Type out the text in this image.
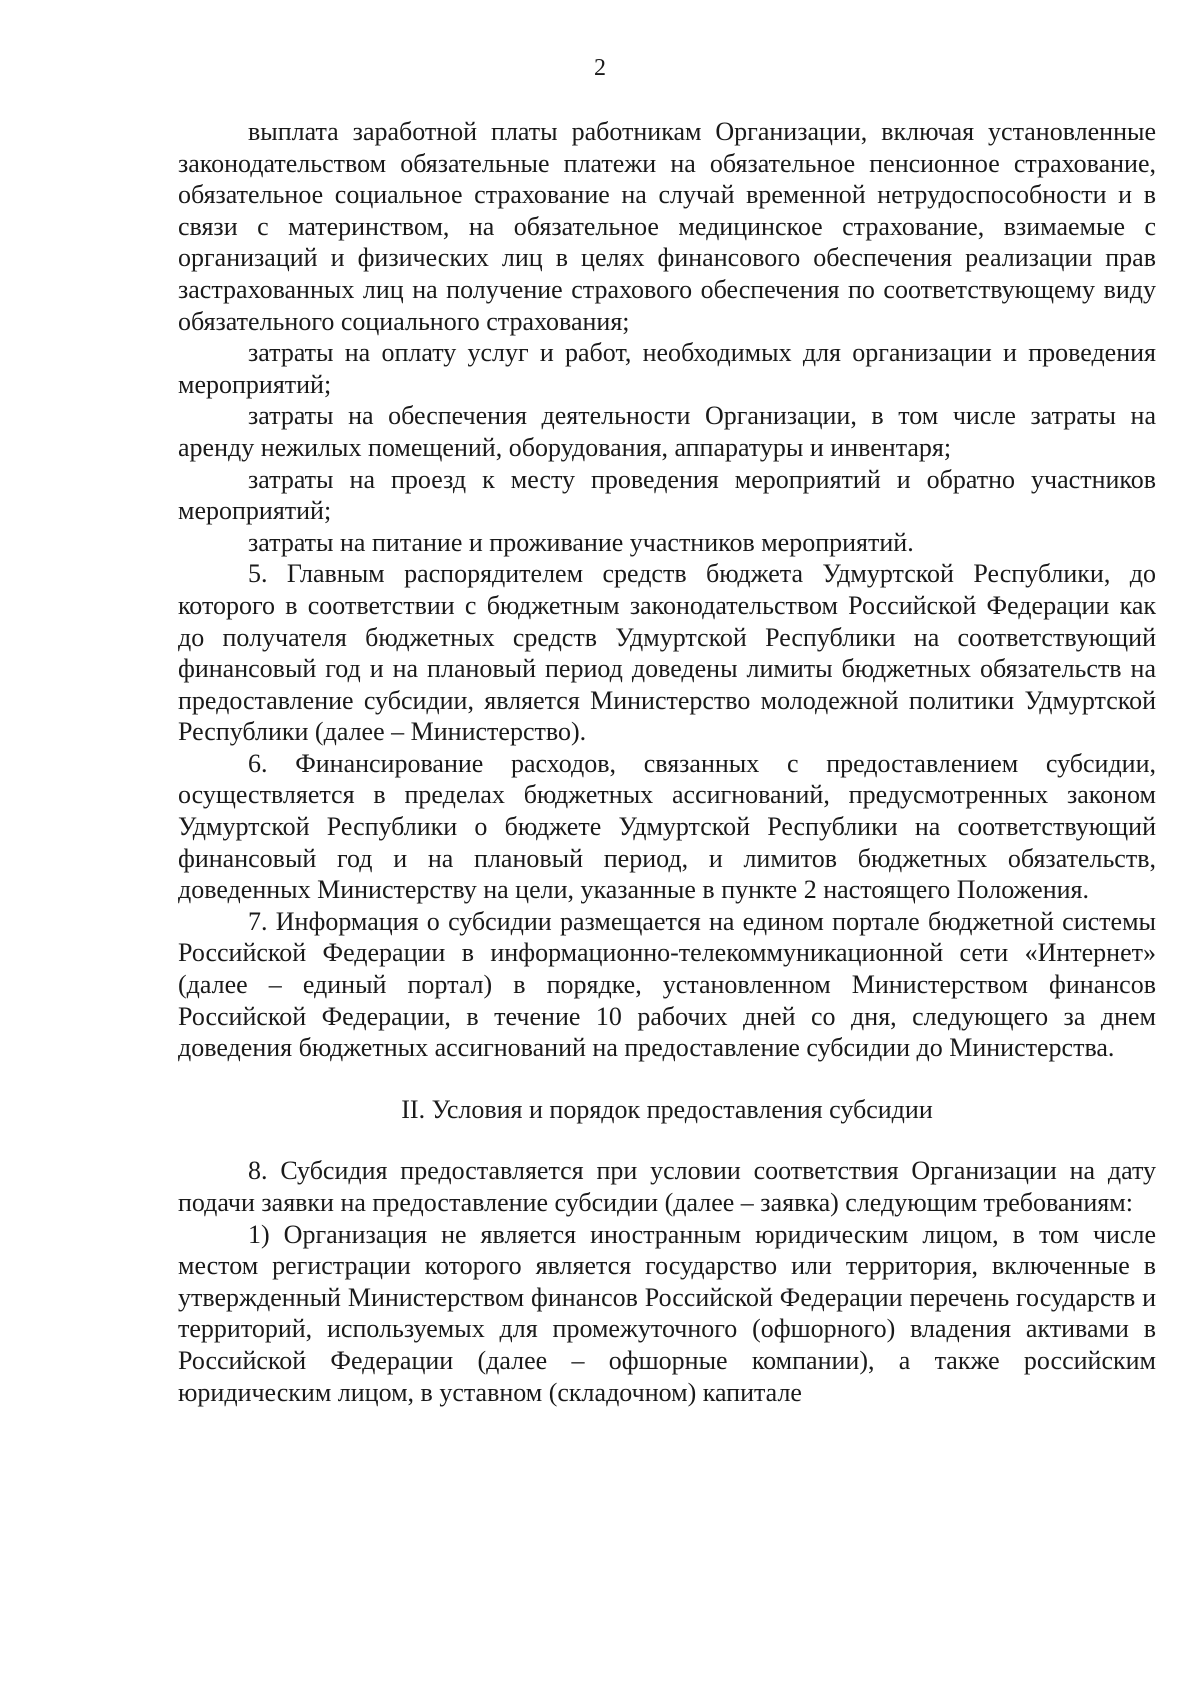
2

выплата заработной платы работникам Организации, включая установленные законодательством обязательные платежи на обязательное пенсионное страхование, обязательное социальное страхование на случай временной нетрудоспособности и в связи с материнством, на обязательное медицинское страхование, взимаемые с организаций и физических лиц в целях финансового обеспечения реализации прав застрахованных лиц на получение страхового обеспечения по соответствующему виду обязательного социального страхования;

затраты на оплату услуг и работ, необходимых для организации и проведения мероприятий;

затраты на обеспечения деятельности Организации, в том числе затраты на аренду нежилых помещений, оборудования, аппаратуры и инвентаря;

затраты на проезд к месту проведения мероприятий и обратно участников мероприятий;

затраты на питание и проживание участников мероприятий.

5. Главным распорядителем средств бюджета Удмуртской Республики, до которого в соответствии с бюджетным законодательством Российской Федерации как до получателя бюджетных средств Удмуртской Республики на соответствующий финансовый год и на плановый период доведены лимиты бюджетных обязательств на предоставление субсидии, является Министерство молодежной политики Удмуртской Республики (далее – Министерство).

6. Финансирование расходов, связанных с предоставлением субсидии, осуществляется в пределах бюджетных ассигнований, предусмотренных законом Удмуртской Республики о бюджете Удмуртской Республики на соответствующий финансовый год и на плановый период, и лимитов бюджетных обязательств, доведенных Министерству на цели, указанные в пункте 2 настоящего Положения.

7. Информация о субсидии размещается на едином портале бюджетной системы Российской Федерации в информационно-телекоммуникационной сети «Интернет» (далее – единый портал) в порядке, установленном Министерством финансов Российской Федерации, в течение 10 рабочих дней со дня, следующего за днем доведения бюджетных ассигнований на предоставление субсидии до Министерства.

II. Условия и порядок предоставления субсидии

8. Субсидия предоставляется при условии соответствия Организации на дату подачи заявки на предоставление субсидии (далее – заявка) следующим требованиям:

1) Организация не является иностранным юридическим лицом, в том числе местом регистрации которого является государство или территория, включенные в утвержденный Министерством финансов Российской Федерации перечень государств и территорий, используемых для промежуточного (офшорного) владения активами в Российской Федерации (далее – офшорные компании), а также российским юридическим лицом, в уставном (складочном) капитале
